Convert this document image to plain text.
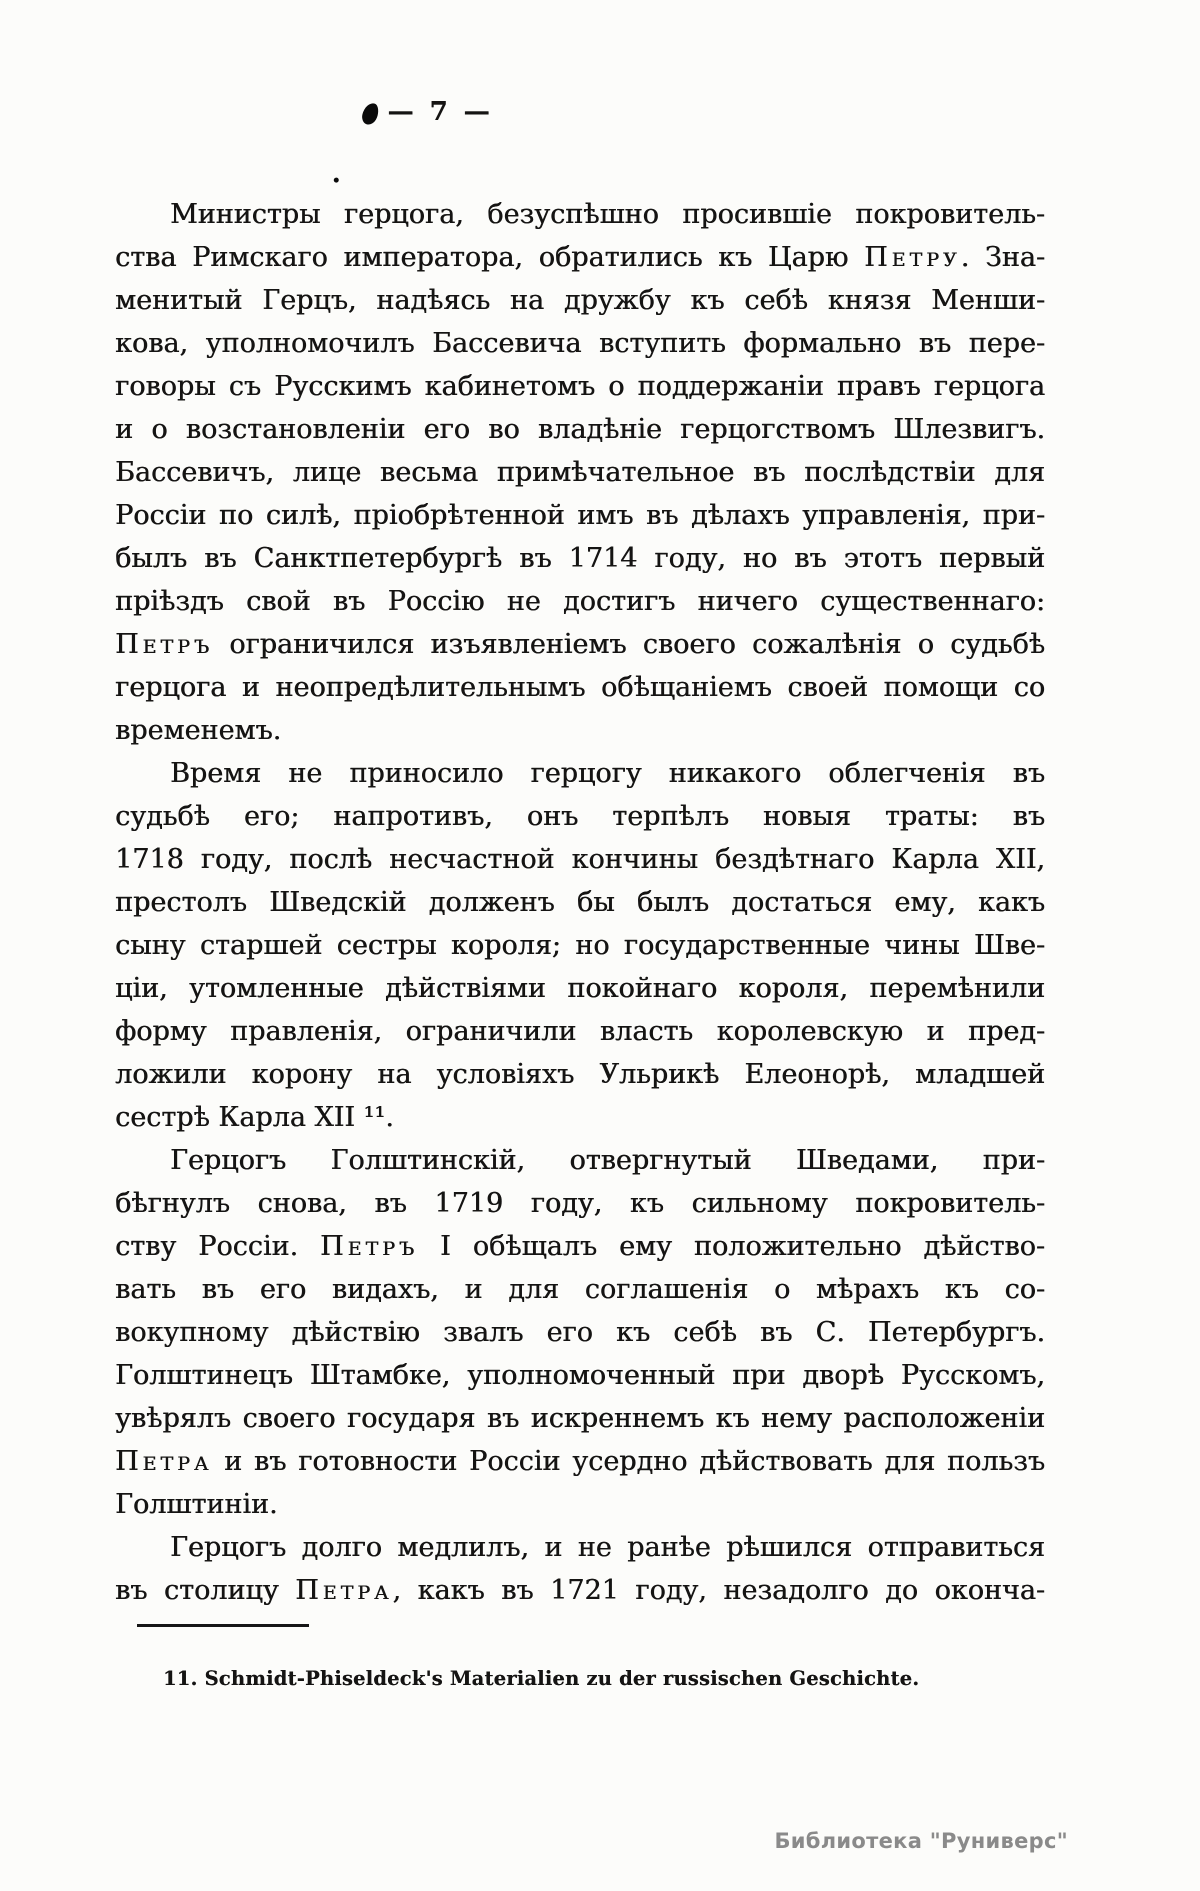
— 7 —
Министры герцога, безуспѣшно просившіе покровитель-
ства Римскаго императора, обратились къ Царю Петру. Зна-
менитый Герцъ, надѣясь на дружбу къ себѣ князя Менши-
кова, уполномочилъ Бассевича вступить формально въ пере-
говоры съ Русскимъ кабинетомъ о поддержаніи правъ герцога
и о возстановленіи его во владѣніе герцогствомъ Шлезвигъ.
Бассевичъ, лице весьма примѣчательное въ послѣдствіи для
Россіи по силѣ, пріобрѣтенной имъ въ дѣлахъ управленія, при-
былъ въ Санктпетербургѣ въ 1714 году, но въ этотъ первый
пріѣздъ свой въ Россію не достигъ ничего существеннаго:
Петръ ограничился изъявленіемъ своего сожалѣнія о судьбѣ
герцога и неопредѣлительнымъ обѣщаніемъ своей помощи со
временемъ.
Время не приносило герцогу никакого облегченія въ
судьбѣ его; напротивъ, онъ терпѣлъ новыя траты: въ
1718 году, послѣ несчастной кончины бездѣтнаго Карла XII,
престолъ Шведскій долженъ бы былъ достаться ему, какъ
сыну старшей сестры короля; но государственные чины Шве-
ціи, утомленные дѣйствіями покойнаго короля, перемѣнили
форму правленія, ограничили власть королевскую и пред-
ложили корону на условіяхъ Ульрикѣ Елеонорѣ, младшей
сестрѣ Карла XII ¹¹.
Герцогъ Голштинскій, отвергнутый Шведами, при-
бѣгнулъ снова, въ 1719 году, къ сильному покровитель-
ству Россіи. Петръ I обѣщалъ ему положительно дѣйство-
вать въ его видахъ, и для соглашенія о мѣрахъ къ со-
вокупному дѣйствію звалъ его къ себѣ въ С. Петербургъ.
Голштинецъ Штамбке, уполномоченный при дворѣ Русскомъ,
увѣрялъ своего государя въ искреннемъ къ нему расположеніи
Петра и въ готовности Россіи усердно дѣйствовать для пользъ
Голштиніи.
Герцогъ долго медлилъ, и не ранѣе рѣшился отправиться
въ столицу Петра, какъ въ 1721 году, незадолго до оконча-
11. Schmidt-Phiseldeck's Materialien zu der russischen Geschichte.
Библиотека "Руниверс"
